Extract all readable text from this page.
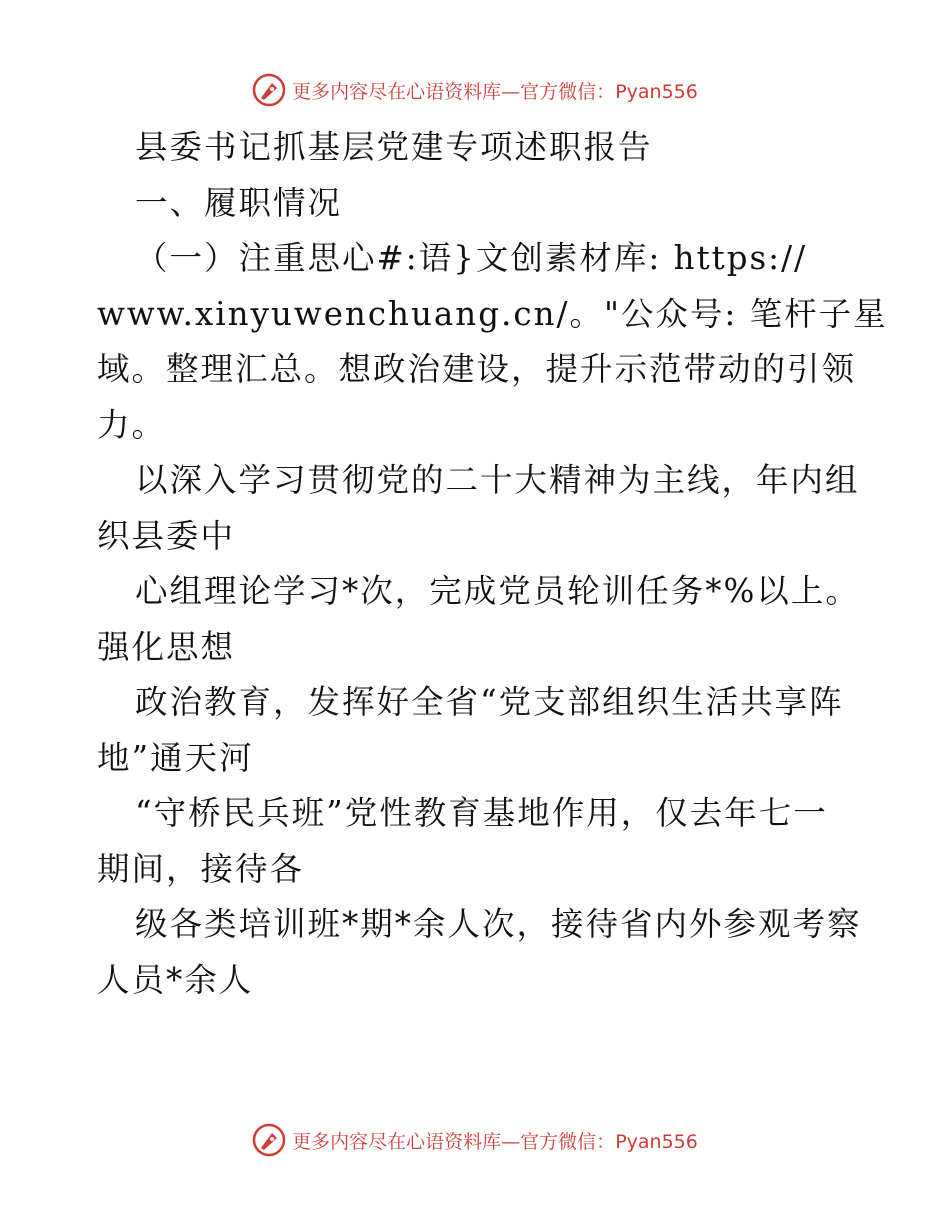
更多内容尽在心语资料库—官方微信：Pyan556
县委书记抓基层党建专项述职报告
一、履职情况
（一）注重思心#:语}文创素材库: https://
www.xinyuwenchuang.cn/。"公众号: 笔杆子星
域。整理汇总。想政治建设，提升示范带动的引领
力。
以深入学习贯彻党的二十大精神为主线，年内组
织县委中
心组理论学习*次，完成党员轮训任务*%以上。
强化思想
政治教育，发挥好全省“党支部组织生活共享阵
地”通天河
“守桥民兵班”党性教育基地作用，仅去年七一
期间，接待各
级各类培训班*期*余人次，接待省内外参观考察
人员*余人
更多内容尽在心语资料库—官方微信：Pyan556
